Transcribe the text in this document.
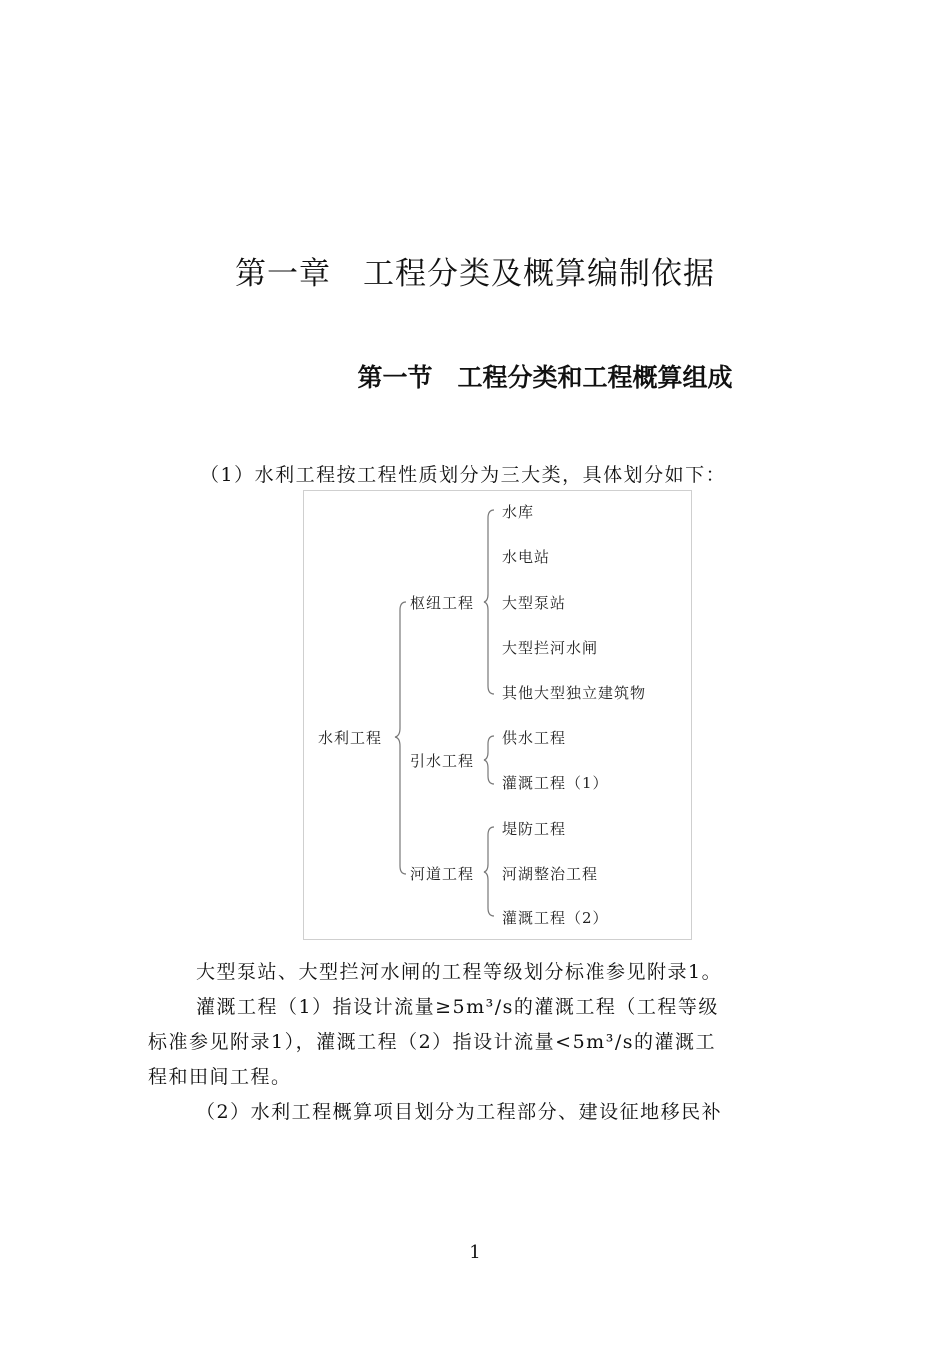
第一章　工程分类及概算编制依据
第一节　工程分类和工程概算组成
（1）水利工程按工程性质划分为三大类，具体划分如下：
水利工程
枢纽工程
水库
水电站
大型泵站
大型拦河水闸
其他大型独立建筑物
引水工程
供水工程
灌溉工程（1）
河道工程
堤防工程
河湖整治工程
灌溉工程（2）
大型泵站、大型拦河水闸的工程等级划分标准参见附录1。
灌溉工程（1）指设计流量≥5m³/s的灌溉工程（工程等级
标准参见附录1），灌溉工程（2）指设计流量<5m³/s的灌溉工
程和田间工程。
（2）水利工程概算项目划分为工程部分、建设征地移民补
1
